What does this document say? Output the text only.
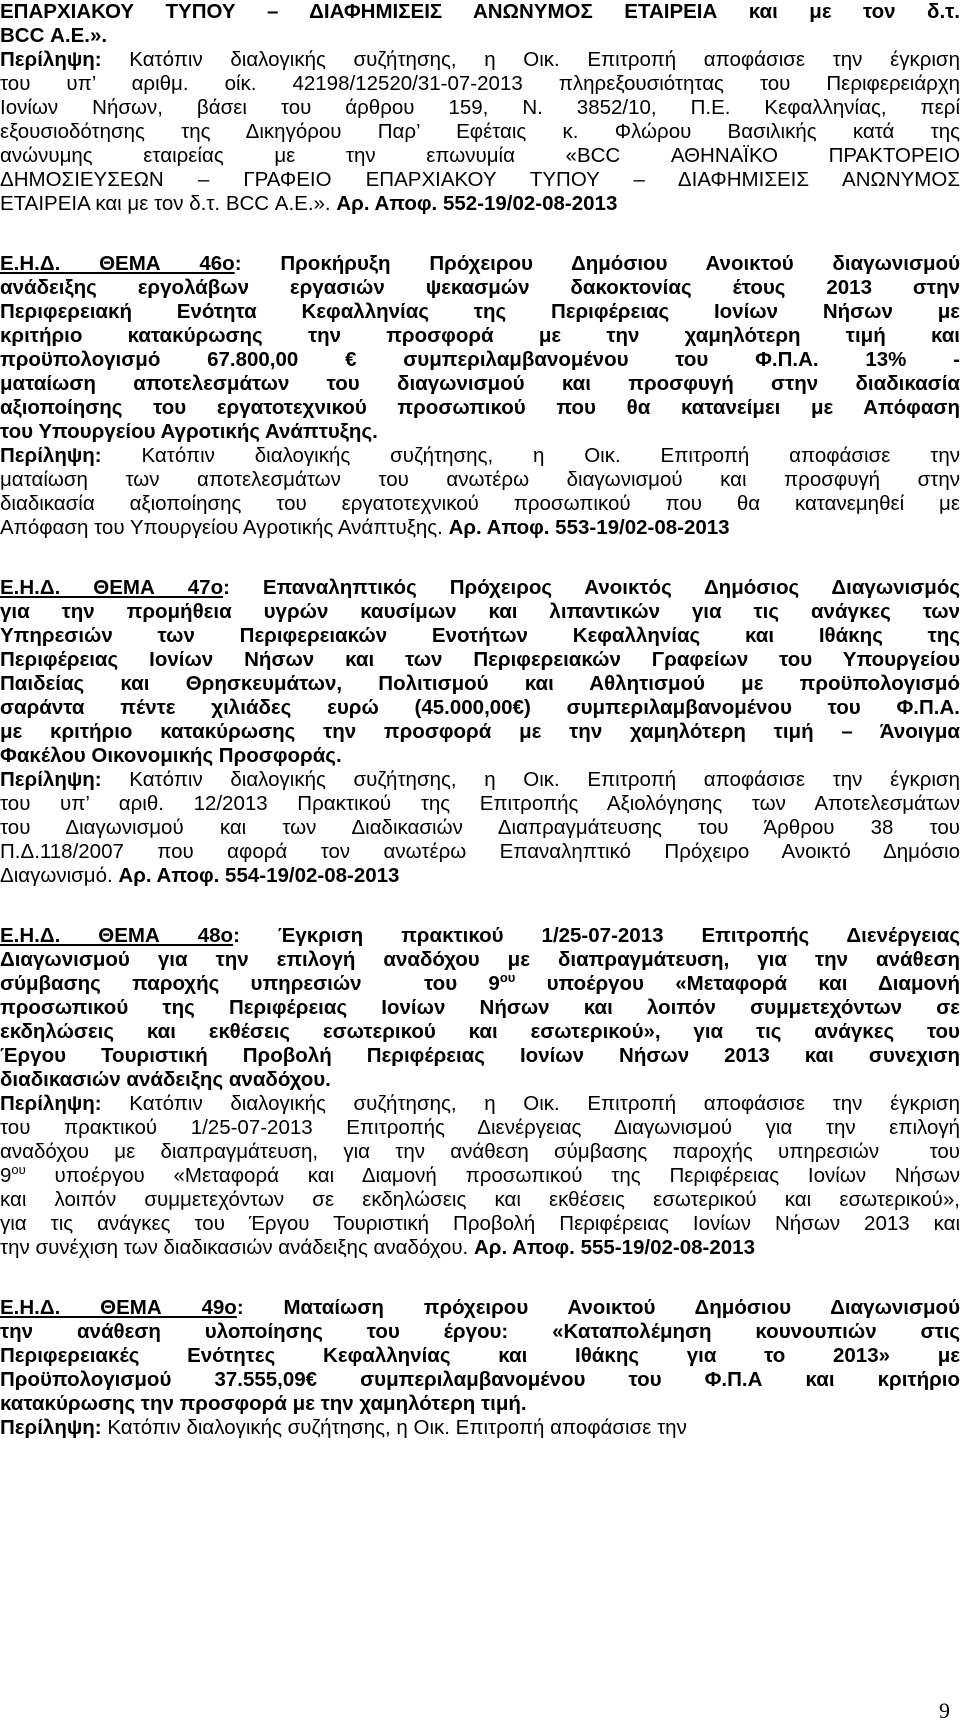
ΕΠΑΡΧΙΑΚΟΥ ΤΥΠΟΥ – ΔΙΑΦΗΜΙΣΕΙΣ ΑΝΩΝΥΜΟΣ ΕΤΑΙΡΕΙΑ και με τον δ.τ.
BCC Α.Ε.».
Περίληψη: Κατόπιν διαλογικής συζήτησης, η Οικ. Επιτροπή αποφάσισε την έγκριση
του υπ’ αριθμ. οίκ. 42198/12520/31-07-2013 πληρεξουσιότητας του Περιφερειάρχη
Ιονίων Νήσων, βάσει του άρθρου 159, Ν. 3852/10, Π.Ε. Κεφαλληνίας, περί
εξουσιοδότησης της Δικηγόρου Παρ’ Εφέταις κ. Φλώρου Βασιλικής κατά της
ανώνυμης εταιρείας με την επωνυμία «BCC ΑΘΗΝΑΪΚΟ ΠΡΑΚΤΟΡΕΙΟ
ΔΗΜΟΣΙΕΥΣΕΩΝ – ΓΡΑΦΕΙΟ ΕΠΑΡΧΙΑΚΟΥ ΤΥΠΟΥ – ΔΙΑΦΗΜΙΣΕΙΣ ΑΝΩΝΥΜΟΣ
ΕΤΑΙΡΕΙΑ και με τον δ.τ. BCC Α.Ε.». Αρ. Αποφ. 552-19/02-08-2013
Ε.Η.Δ. ΘΕΜΑ 46ο: Προκήρυξη Πρόχειρου Δημόσιου Ανοικτού διαγωνισμού
ανάδειξης εργολάβων εργασιών ψεκασμών δακοκτονίας έτους 2013 στην
Περιφερειακή Ενότητα Κεφαλληνίας της Περιφέρειας Ιονίων Νήσων με
κριτήριο κατακύρωσης την προσφορά με την χαμηλότερη τιμή και
προϋπολογισμό 67.800,00 € συμπεριλαμβανομένου του Φ.Π.Α. 13% -
ματαίωση αποτελεσμάτων του διαγωνισμού και προσφυγή στην διαδικασία
αξιοποίησης του εργατοτεχνικού προσωπικού που θα κατανείμει με Απόφαση
του Υπουργείου Αγροτικής Ανάπτυξης.
Περίληψη: Κατόπιν διαλογικής συζήτησης, η Οικ. Επιτροπή αποφάσισε την
ματαίωση των αποτελεσμάτων του ανωτέρω διαγωνισμού και προσφυγή στην
διαδικασία αξιοποίησης του εργατοτεχνικού προσωπικού που θα κατανεμηθεί με
Απόφαση του Υπουργείου Αγροτικής Ανάπτυξης. Αρ. Αποφ. 553-19/02-08-2013
Ε.Η.Δ. ΘΕΜΑ 47ο: Επαναληπτικός Πρόχειρος Ανοικτός Δημόσιος Διαγωνισμός
για την προμήθεια υγρών καυσίμων και λιπαντικών για τις ανάγκες των
Υπηρεσιών των Περιφερειακών Ενοτήτων Κεφαλληνίας και Ιθάκης της
Περιφέρειας Ιονίων Νήσων και των Περιφερειακών Γραφείων του Υπουργείου
Παιδείας και Θρησκευμάτων, Πολιτισμού και Αθλητισμού με προϋπολογισμό
σαράντα πέντε χιλιάδες ευρώ (45.000,00€) συμπεριλαμβανομένου του Φ.Π.Α.
με κριτήριο κατακύρωσης την προσφορά με την χαμηλότερη τιμή – Άνοιγμα
Φακέλου Οικονομικής Προσφοράς.
Περίληψη: Κατόπιν διαλογικής συζήτησης, η Οικ. Επιτροπή αποφάσισε την έγκριση
του υπ’ αριθ. 12/2013 Πρακτικού της Επιτροπής Αξιολόγησης των Αποτελεσμάτων
του Διαγωνισμού και των Διαδικασιών Διαπραγμάτευσης του Άρθρου 38 του
Π.Δ.118/2007 που αφορά τον ανωτέρω Επαναληπτικό Πρόχειρο Ανοικτό Δημόσιο
Διαγωνισμό. Αρ. Αποφ. 554-19/02-08-2013
Ε.Η.Δ. ΘΕΜΑ 48ο: Έγκριση πρακτικού 1/25-07-2013 Επιτροπής Διενέργειας
Διαγωνισμού για την επιλογή αναδόχου με διαπραγμάτευση, για την ανάθεση
σύμβασης παροχής υπηρεσιών  του $9^{o\upsilon}$ υποέργου «Μεταφορά και Διαμονή
προσωπικού της Περιφέρειας Ιονίων Νήσων και λοιπόν συμμετεχόντων σε
εκδηλώσεις και εκθέσεις εσωτερικού και εσωτερικού», για τις ανάγκες του
Έργου Τουριστική Προβολή Περιφέρειας Ιονίων Νήσων 2013 και συνεχιση
διαδικασιών ανάδειξης αναδόχου.
Περίληψη: Κατόπιν διαλογικής συζήτησης, η Οικ. Επιτροπή αποφάσισε την έγκριση
του πρακτικού 1/25-07-2013 Επιτροπής Διενέργειας Διαγωνισμού για την επιλογή
αναδόχου με διαπραγμάτευση, για την ανάθεση σύμβασης παροχής υπηρεσιών  του
$9^{o\upsilon}$ υποέργου «Μεταφορά και Διαμονή προσωπικού της Περιφέρειας Ιονίων Νήσων
και λοιπόν συμμετεχόντων σε εκδηλώσεις και εκθέσεις εσωτερικού και εσωτερικού»,
για τις ανάγκες του Έργου Τουριστική Προβολή Περιφέρειας Ιονίων Νήσων 2013 και
την συνέχιση των διαδικασιών ανάδειξης αναδόχου. Αρ. Αποφ. 555-19/02-08-2013
Ε.Η.Δ. ΘΕΜΑ 49ο: Ματαίωση πρόχειρου Ανοικτού Δημόσιου Διαγωνισμού
την ανάθεση υλοποίησης του έργου: «Καταπολέμηση κουνουπιών στις
Περιφερειακές Ενότητες Κεφαλληνίας και Ιθάκης για το 2013» με
Προϋπολογισμού 37.555,09€ συμπεριλαμβανομένου του Φ.Π.Α και κριτήριο
κατακύρωσης την προσφορά με την χαμηλότερη τιμή.
Περίληψη: Κατόπιν διαλογικής συζήτησης, η Οικ. Επιτροπή αποφάσισε την
9
